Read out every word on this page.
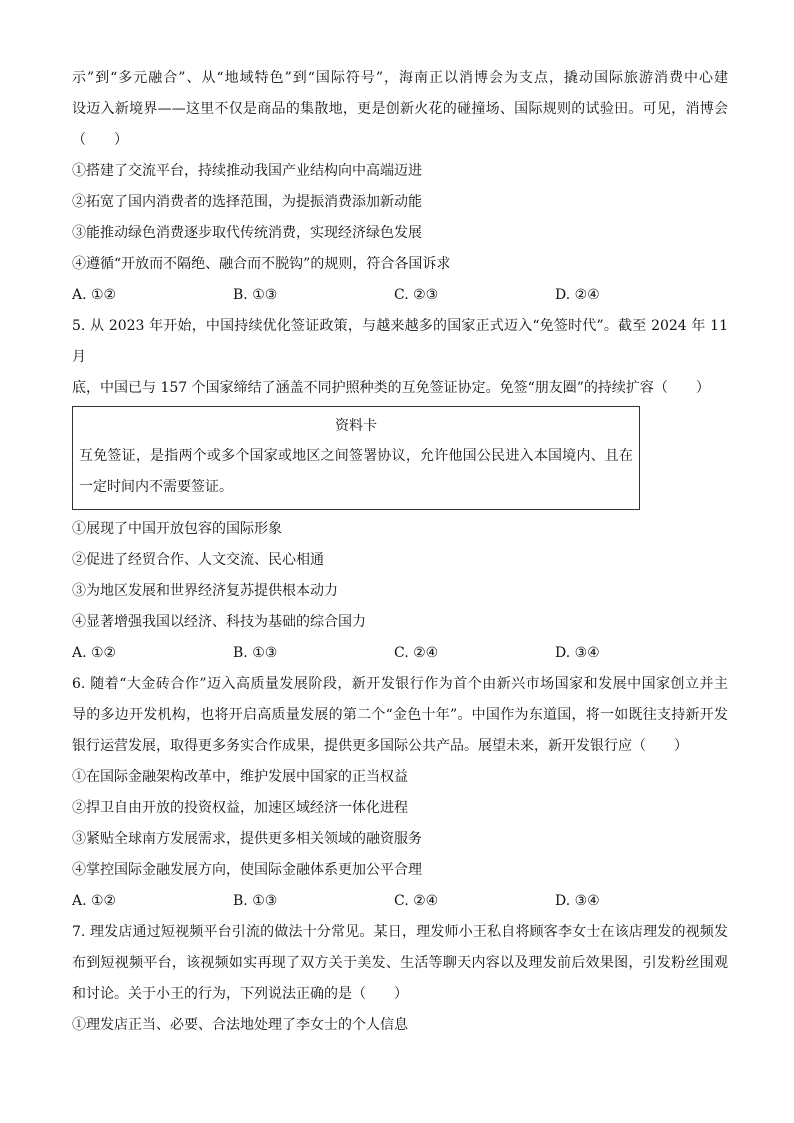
示”到“多元融合”、从“地域特色”到“国际符号”，海南正以消博会为支点，撬动国际旅游消费中心建
设迈入新境界——这里不仅是商品的集散地，更是创新火花的碰撞场、国际规则的试验田。可见，消博会
（　　）
①搭建了交流平台，持续推动我国产业结构向中高端迈进
②拓宽了国内消费者的选择范围，为提振消费添加新动能
③能推动绿色消费逐步取代传统消费，实现经济绿色发展
④遵循“开放而不隔绝、融合而不脱钩”的规则，符合各国诉求
A. ①②	B. ①③	C. ②③	D. ②④
5. 从 2023 年开始，中国持续优化签证政策，与越来越多的国家正式迈入“免签时代”。截至 2024 年 11 月
底，中国已与 157 个国家缔结了涵盖不同护照种类的互免签证协定。免签“朋友圈”的持续扩容（　　）
资料卡
互免签证，是指两个或多个国家或地区之间签署协议，允许他国公民进入本国境内、且在
一定时间内不需要签证。
①展现了中国开放包容的国际形象
②促进了经贸合作、人文交流、民心相通
③为地区发展和世界经济复苏提供根本动力
④显著增强我国以经济、科技为基础的综合国力
A. ①②	B. ①③	C. ②④	D. ③④
6. 随着“大金砖合作”迈入高质量发展阶段，新开发银行作为首个由新兴市场国家和发展中国家创立并主
导的多边开发机构，也将开启高质量发展的第二个“金色十年”。中国作为东道国，将一如既往支持新开发
银行运营发展，取得更多务实合作成果，提供更多国际公共产品。展望未来，新开发银行应（　　）
①在国际金融架构改革中，维护发展中国家的正当权益
②捍卫自由开放的投资权益，加速区域经济一体化进程
③紧贴全球南方发展需求，提供更多相关领域的融资服务
④掌控国际金融发展方向，使国际金融体系更加公平合理
A. ①②	B. ①③	C. ②④	D. ③④
7. 理发店通过短视频平台引流的做法十分常见。某日，理发师小王私自将顾客李女士在该店理发的视频发
布到短视频平台，该视频如实再现了双方关于美发、生活等聊天内容以及理发前后效果图，引发粉丝围观
和讨论。关于小王的行为，下列说法正确的是（　　）
①理发店正当、必要、合法地处理了李女士的个人信息
